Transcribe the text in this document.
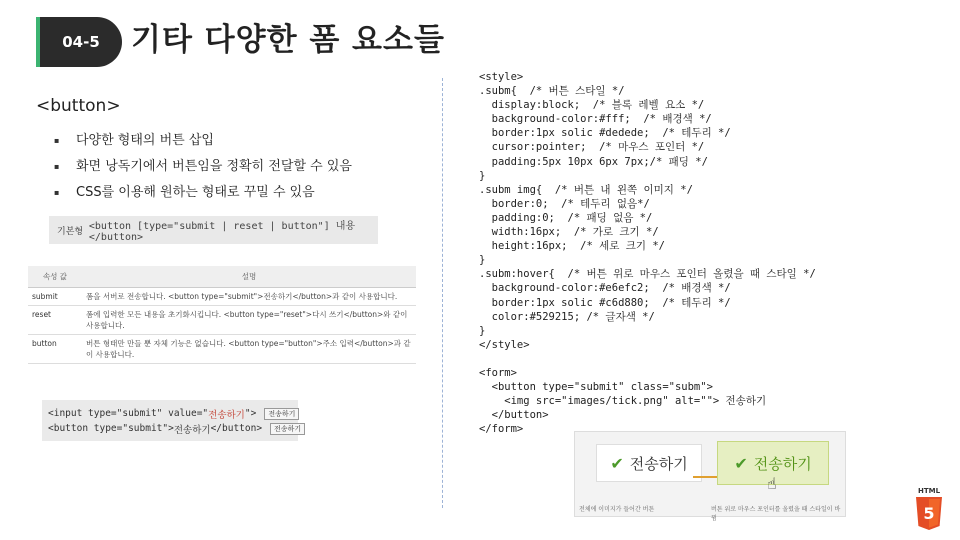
04-5	기타 다양한 폼 요소들
<button>
▪ 다양한 형태의 버튼 삽입
▪ 화면 낭독기에서 버튼임을 정확히 전달할 수 있음
▪ CSS를 이용해 원하는 형태로 꾸밀 수 있음
기본형 <button [type="submit | reset | button"] 내용 </button>
속성 값	설명
submit	폼을 서버로 전송합니다. <button type="submit">전송하기</button>과 같이 사용합니다.
reset	폼에 입력한 모든 내용을 초기화시킵니다. <button type="reset">다시 쓰기</button>와 같이 사용합니다.
button	버튼 형태만 만들 뿐 자체 기능은 없습니다. <button type="button">주소 입력</button>과 같이 사용합니다.
<input type="submit" value=" 전송하기 ">	전송하기
<button type="submit"> 전송하기 </button>	전송하기
<style>
.subm{  /* 버튼 스타일 */
display:block;  /* 블록 레벨 요소 */
background-color:#fff;  /* 배경색 */
border:1px solic #dedede;  /* 테두리 */
cursor:pointer;  /* 마우스 포인터 */
padding:5px 10px 6px 7px;/* 패딩 */
}
.subm img{  /* 버튼 내 왼쪽 이미지 */
border:0;  /* 테두리 없음*/
padding:0;  /* 패딩 없음 */
width:16px;  /* 가로 크기 */
height:16px;  /* 세로 크기 */
}
.subm:hover{  /* 버튼 위로 마우스 포인터 올렸을 때 스타일 */
background-color:#e6efc2;  /* 배경색 */
border:1px solic #c6d880;  /* 테두리 */
color:#529215; /* 글자색 */
}
</style>

<form>
<button type="submit" class="subm">
<img src="images/tick.png" alt=""> 전송하기
</button>
</form>
✔ 전송하기	✔ 전송하기
☝
전체에 이미지가 들어간 버튼	버튼 위로 마우스 포인터를 올렸을 때 스타일이 바뀜
HTML
5
